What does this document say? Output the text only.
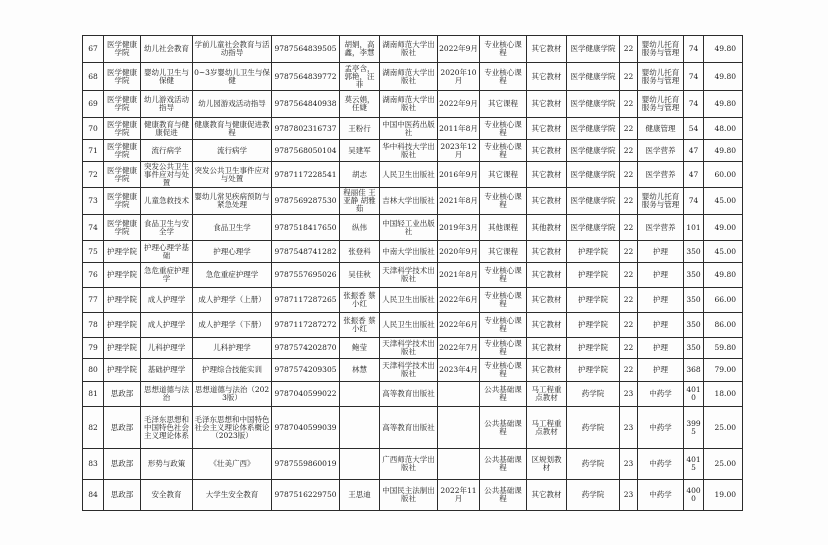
67	医学健康学院	幼儿社会教育	学前儿童社会教育与活动指导	9787564839505	胡娟，高鑫，李慧	湖南师范大学出版社	2022年9月	专业核心课程	其它教材	医学健康学院	22	婴幼儿托育服务与管理	74	49.80
68	医学健康学院	婴幼儿卫生与保健	0~3岁婴幼儿卫生与保健	9787564839772	孟亭含，郭艳，汪菲	湖南师范大学出版社	2020年10月	专业核心课程	其它教材	医学健康学院	22	婴幼儿托育服务与管理	74	49.80
69	医学健康学院	幼儿游戏活动指导	幼儿园游戏活动指导	9787564840938	莫云娟，任婕	湖南师范大学出版社	2022年9月	其它课程	其它教材	医学健康学院	22	婴幼儿托育服务与管理	74	49.80
70	医学健康学院	健康教育与健康促进	健康教育与健康促进教程	9787802316737	王粉行	中国中医药出版社	2011年8月	专业核心课程	其它教材	医学健康学院	22	健康管理	54	48.00
71	医学健康学院	流行病学	流行病学	9787568050104	吴建军	华中科技大学出版社	2023年12月	专业核心课程	其它教材	医学健康学院	22	医学营养	47	49.80
72	医学健康学院	突发公共卫生事件应对与处置	突发公共卫生事件应对与处置	9787117228541	胡志	人民卫生出版社	2016年9月	其它课程	其它教材	医学健康学院	22	医学营养	47	60.00
73	医学健康学院	儿童急救技术	婴幼儿常见疾病预防与紧急处理	9787569287530	程丽佳 王亚静 胡雅茹	吉林大学出版社	2021年8月	专业核心课程	其它教材	医学健康学院	22	婴幼儿托育服务与管理	74	45.00
74	医学健康学院	食品卫生与安全学	食品卫生学	9787518417650	纵伟	中国轻工业出版社	2019年3月	其他课程	其他教材	医学健康学院	22	医学营养	101	49.00
75	护理学院	护理心理学基础	护理心理学	9787548741282	张登科	中南大学出版社	2020年9月	其它课程	其它教材	护理学院	22	护理	350	45.00
76	护理学院	急危重症护理学	急危重症护理学	9787557695026	吴佳秋	天津科学技术出版社	2021年8月	专业核心课程	其它教材	护理学院	22	护理	350	49.80
77	护理学院	成人护理学	成人护理学（上册）	9787117287265	张振香 蔡小红	人民卫生出版社	2022年6月	专业核心课程	其它教材	护理学院	22	护理	350	66.00
78	护理学院	成人护理学	成人护理学（下册）	9787117287272	张振香 蔡小红	人民卫生出版社	2022年6月	专业核心课程	其它教材	护理学院	22	护理	350	86.00
79	护理学院	儿科护理学	儿科护理学	9787574202870	鲍莹	天津科学技术出版社	2022年7月	专业核心课程	其它教材	护理学院	22	护理	350	59.80
80	护理学院	基础护理学	护理综合技能实训	9787574209305	林慧	天津科学技术出版社	2023年4月	专业核心课程	其它教材	护理学院	22	护理	368	79.00
81	思政部	思想道德与法治	思想道德与法治（2023版）	9787040599022		高等教育出版社		公共基础课程	马工程重点教材	药学院	23	中药学	4010	18.00
82	思政部	毛泽东思想和中国特色社会主义理论体系	毛泽东思想和中国特色社会主义理论体系概论（2023版）	9787040599039		高等教育出版社		公共基础课程	马工程重点教材	药学院	23	中药学	3995	25.00
83	思政部	形势与政策	《壮美广西》	9787559860019		广西师范大学出版社		公共基础课程	区规划教材	药学院	23	中药学	4015	25.00
84	思政部	安全教育	大学生安全教育	9787516229750	王思迪	中国民主法制出版社	2022年11月	公共基础课程	其它教材	药学院	23	中药学	4000	19.00
